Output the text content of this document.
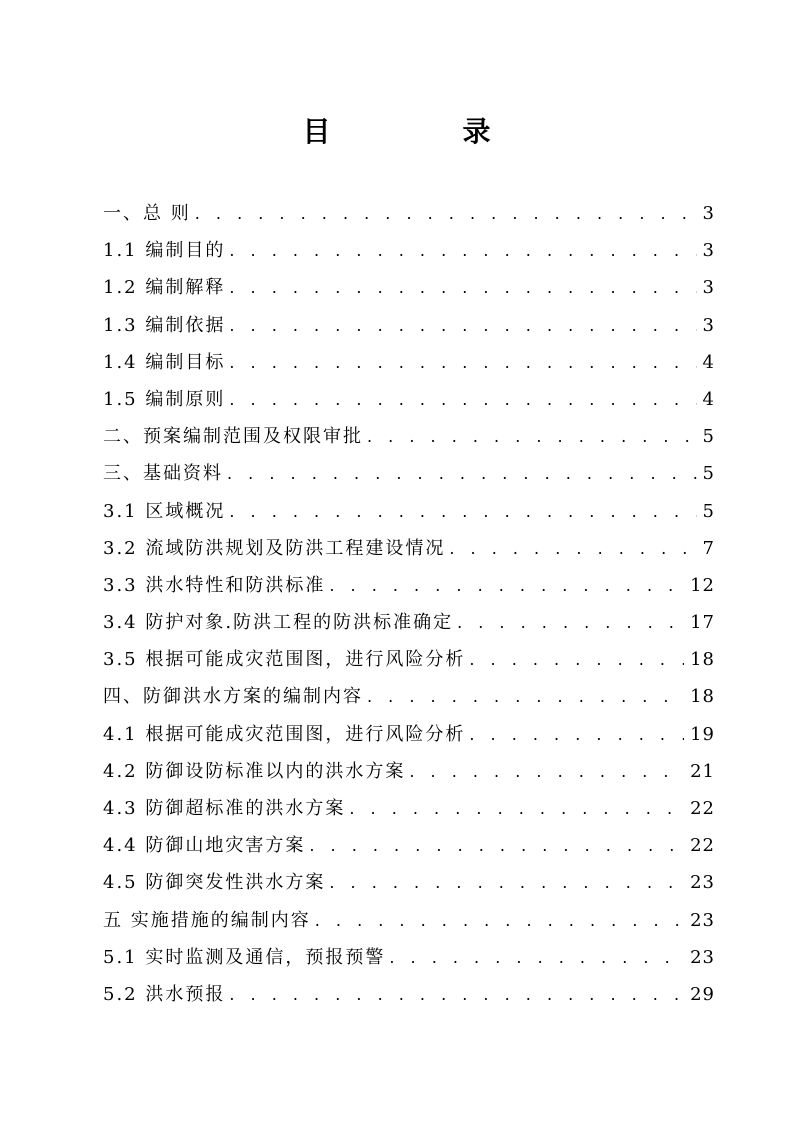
目　录
一、总 则 . . .	3
1.1 编制目的 . . .	3
1.2 编制解释 . . .	3
1.3 编制依据 . . .	3
1.4 编制目标 . . .	4
1.5 编制原则 . . .	4
二、预案编制范围及权限审批 . . .	5
三、基础资料 . . .	5
3.1 区域概况 . . .	5
3.2 流域防洪规划及防洪工程建设情况 . . .	7
3.3 洪水特性和防洪标准 . . .	12
3.4 防护对象.防洪工程的防洪标准确定 . . .	17
3.5 根据可能成灾范围图，进行风险分析 . . .	18
四、防御洪水方案的编制内容 . . .	18
4.1 根据可能成灾范围图，进行风险分析 . . .	19
4.2 防御设防标准以内的洪水方案 . . .	21
4.3 防御超标准的洪水方案 . . .	22
4.4 防御山地灾害方案 . . .	22
4.5 防御突发性洪水方案 . . .	23
五 实施措施的编制内容 . . .	23
5.1 实时监测及通信，预报预警 . . .	23
5.2 洪水预报 . . .	29
